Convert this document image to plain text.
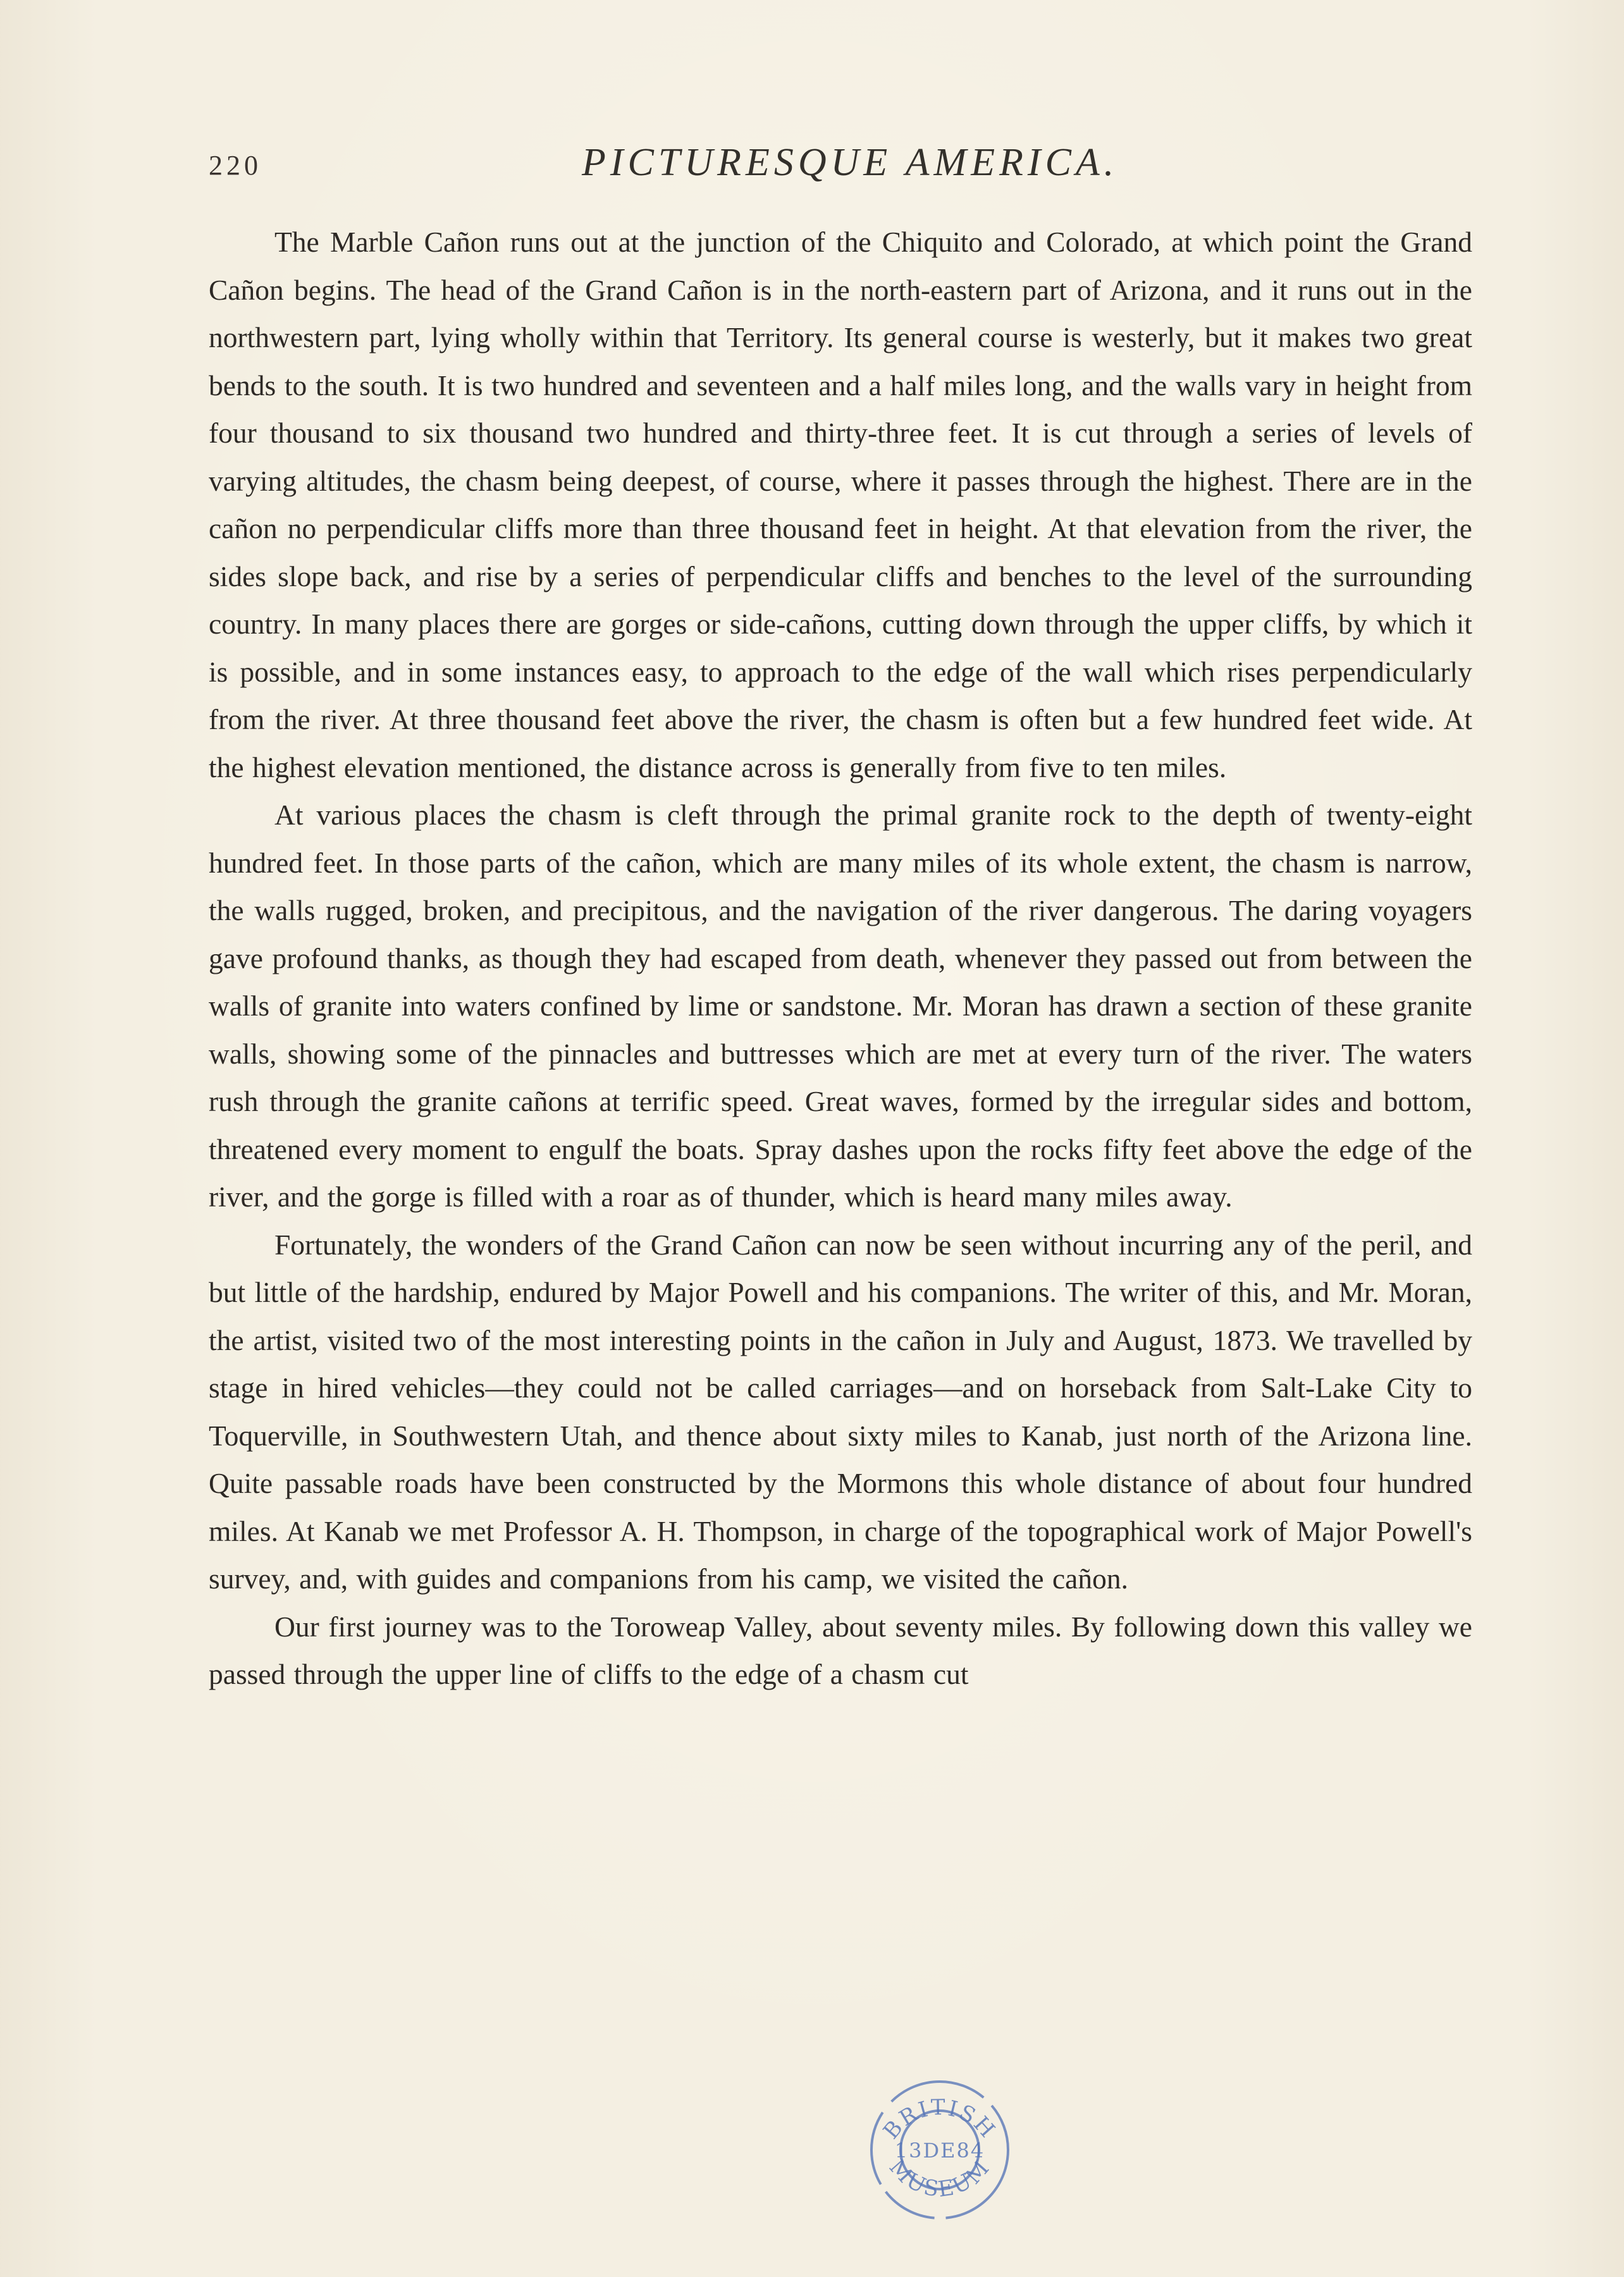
220	PICTURESQUE AMERICA.

The Marble Cañon runs out at the junction of the Chiquito and Colorado, at which point the Grand Cañon begins. The head of the Grand Cañon is in the north-eastern part of Arizona, and it runs out in the northwestern part, lying wholly within that Territory. Its general course is westerly, but it makes two great bends to the south. It is two hundred and seventeen and a half miles long, and the walls vary in height from four thousand to six thousand two hundred and thirty-three feet. It is cut through a series of levels of varying altitudes, the chasm being deepest, of course, where it passes through the highest. There are in the cañon no perpendicular cliffs more than three thousand feet in height. At that elevation from the river, the sides slope back, and rise by a series of perpendicular cliffs and benches to the level of the surrounding country. In many places there are gorges or side-cañons, cutting down through the upper cliffs, by which it is possible, and in some instances easy, to approach to the edge of the wall which rises perpendicularly from the river. At three thousand feet above the river, the chasm is often but a few hundred feet wide. At the highest elevation mentioned, the distance across is generally from five to ten miles.

At various places the chasm is cleft through the primal granite rock to the depth of twenty-eight hundred feet. In those parts of the cañon, which are many miles of its whole extent, the chasm is narrow, the walls rugged, broken, and precipitous, and the navigation of the river dangerous. The daring voyagers gave profound thanks, as though they had escaped from death, whenever they passed out from between the walls of granite into waters confined by lime or sandstone. Mr. Moran has drawn a section of these granite walls, showing some of the pinnacles and buttresses which are met at every turn of the river. The waters rush through the granite cañons at terrific speed. Great waves, formed by the irregular sides and bottom, threatened every moment to engulf the boats. Spray dashes upon the rocks fifty feet above the edge of the river, and the gorge is filled with a roar as of thunder, which is heard many miles away.

Fortunately, the wonders of the Grand Cañon can now be seen without incurring any of the peril, and but little of the hardship, endured by Major Powell and his companions. The writer of this, and Mr. Moran, the artist, visited two of the most interesting points in the cañon in July and August, 1873. We travelled by stage in hired vehicles—they could not be called carriages—and on horseback from Salt-Lake City to Toquerville, in Southwestern Utah, and thence about sixty miles to Kanab, just north of the Arizona line. Quite passable roads have been constructed by the Mormons this whole distance of about four hundred miles. At Kanab we met Professor A. H. Thompson, in charge of the topographical work of Major Powell's survey, and, with guides and companions from his camp, we visited the cañon.

Our first journey was to the Toroweap Valley, about seventy miles. By following down this valley we passed through the upper line of cliffs to the edge of a chasm cut

BRITISH
13DE84
MUSEUM
